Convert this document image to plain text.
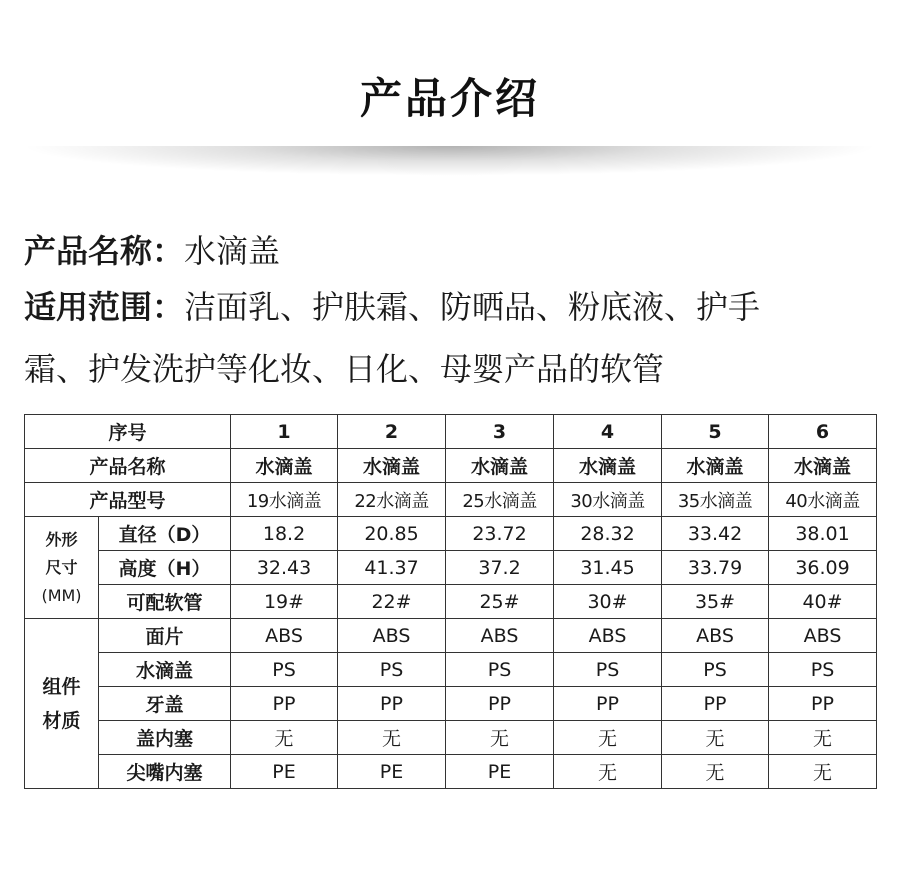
产品介绍
产品名称：水滴盖
适用范围：洁面乳、护肤霜、防晒品、粉底液、护手
霜、护发洗护等化妆、日化、母婴产品的软管
序号		1	2	3	4	5	6
产品名称		水滴盖	水滴盖	水滴盖	水滴盖	水滴盖	水滴盖
产品型号		19水滴盖	22水滴盖	25水滴盖	30水滴盖	35水滴盖	40水滴盖

外形
尺寸
(MM)	直径（D）	18.2	20.85	23.72	28.32	33.42	38.01
	高度（H）	32.43	41.37	37.2	31.45	33.79	36.09
	可配软管	19#	22#	25#	30#	35#	40#

组件
材质	面片	ABS	ABS	ABS	ABS	ABS	ABS
	水滴盖	PS	PS	PS	PS	PS	PS
	牙盖	PP	PP	PP	PP	PP	PP
	盖内塞	无	无	无	无	无	无
	尖嘴内塞	PE	PE	PE	无	无	无
